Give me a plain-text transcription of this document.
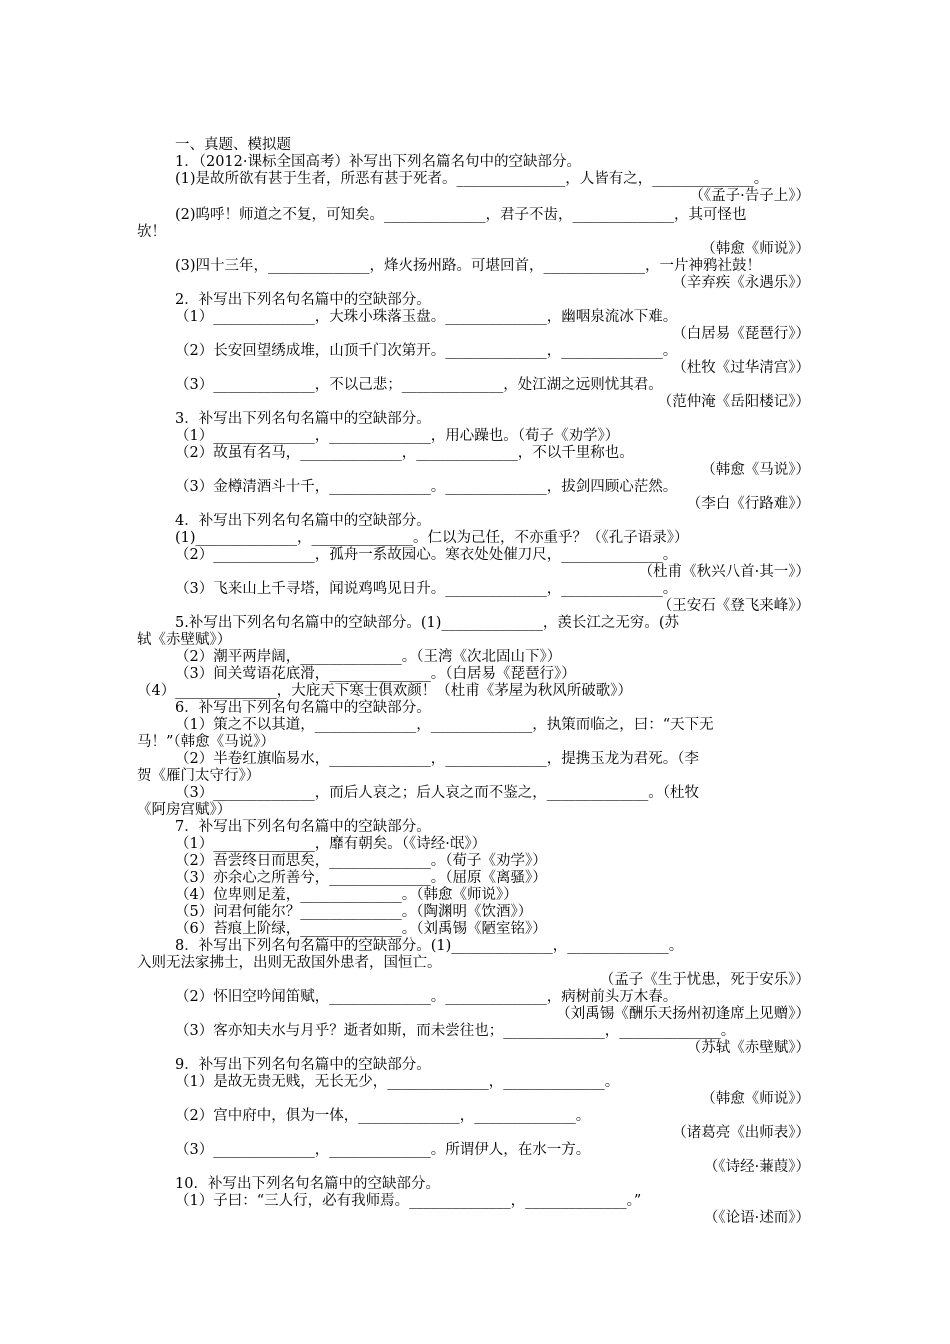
一、真题、模拟题
1．（2012·课标全国高考）补写出下列名篇名句中的空缺部分。
(1)是故所欲有甚于生者，所恶有甚于死者。_______________，人皆有之，______________。
（《孟子·告子上》）
(2)呜呼！师道之不复，可知矣。______________，君子不齿，______________，其可怪也
欤！
（韩愈《师说》）
(3)四十三年，______________，烽火扬州路。可堪回首，______________，一片神鸦社鼓！
（辛弃疾《永遇乐》）
2．补写出下列名句名篇中的空缺部分。
（1）______________，大珠小珠落玉盘。______________，幽咽泉流冰下难。
（白居易《琵琶行》）
（2）长安回望绣成堆，山顶千门次第开。______________，______________。
（杜牧《过华清宫》）
（3）______________，不以己悲；______________，处江湖之远则忧其君。
（范仲淹《岳阳楼记》）
3．补写出下列名句名篇中的空缺部分。
（1）______________，______________，用心躁也。（荀子《劝学》）
（2）故虽有名马，______________，______________，不以千里称也。
（韩愈《马说》）
（3）金樽清酒斗十千，______________。______________，拔剑四顾心茫然。
（李白《行路难》）
4．补写出下列名句名篇中的空缺部分。
(1)______________，______________。仁以为己任，不亦重乎？（《孔子语录》）
（2）______________，孤舟一系故园心。寒衣处处催刀尺，______________。
（杜甫《秋兴八首·其一》）
（3）飞来山上千寻塔，闻说鸡鸣见日升。______________，______________。
（王安石《登飞来峰》）
5.补写出下列名句名篇中的空缺部分。(1)______________，羡长江之无穷。(苏
轼《赤壁赋》）
（2）潮平两岸阔，______________。（王湾《次北固山下》）
（3）间关莺语花底滑，______________。（白居易《琵琶行》）
（4）______________，大庇天下寒士俱欢颜！（杜甫《茅屋为秋风所破歌》）
6．补写出下列名句名篇中的空缺部分。
（1）策之不以其道，______________，______________，执策而临之，曰：“天下无
马！”（韩愈《马说》）
（2）半卷红旗临易水，______________，______________，提携玉龙为君死。（李
贺《雁门太守行》）
（3）______________，而后人哀之；后人哀之而不鉴之，______________。（杜牧
《阿房宫赋》）
7．补写出下列名句名篇中的空缺部分。
（1）______________，靡有朝矣。（《诗经·氓》）
（2）吾尝终日而思矣，______________。（荀子《劝学》）
（3）亦余心之所善兮，______________。（屈原《离骚》）
（4）位卑则足羞，______________。（韩愈《师说》）
（5）问君何能尔？______________。（陶渊明《饮酒》）
（6）苔痕上阶绿，______________。（刘禹锡《陋室铭》）
8．补写出下列名句名篇中的空缺部分。(1)______________，______________。
入则无法家拂士，出则无敌国外患者，国恒亡。
（孟子《生于忧患，死于安乐》）
（2）怀旧空吟闻笛赋，______________。______________，病树前头万木春。
（刘禹锡《酬乐天扬州初逢席上见赠》）
（3）客亦知夫水与月乎？逝者如斯，而未尝往也；______________，______________。
（苏轼《赤壁赋》）
9．补写出下列名句名篇中的空缺部分。
（1）是故无贵无贱，无长无少，______________，______________。
（韩愈《师说》）
（2）宫中府中，俱为一体，______________，______________。
（诸葛亮《出师表》）
（3）______________，______________。所谓伊人，在水一方。
（《诗经·蒹葭》）
10．补写出下列名句名篇中的空缺部分。
（1）子曰：“三人行，必有我师焉。______________，______________。”
（《论语·述而》）
